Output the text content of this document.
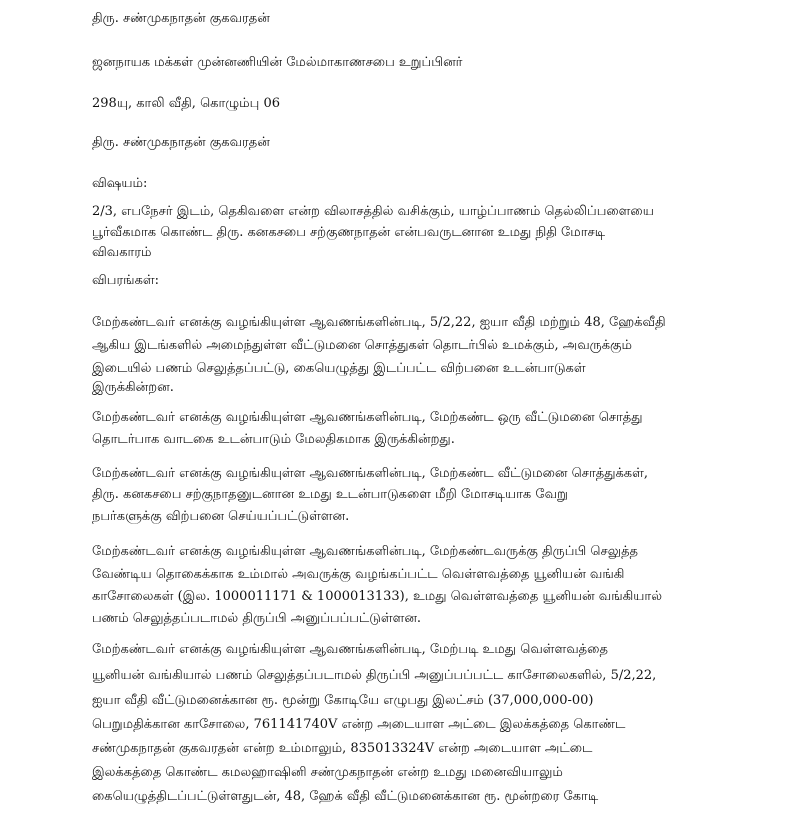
திரு. சண்முகநாதன் குகவரதன்
ஜனநாயக மக்கள் முன்னணியின் மேல்மாகாணசபை உறுப்பினர்
298யு, காலி வீதி, கொழும்பு 06
திரு. சண்முகநாதன் குகவரதன்
விஷயம்:
2/3, எபநேசர் இடம், தெகிவளை என்ற விலாசத்தில் வசிக்கும், யாழ்ப்பாணம் தெல்லிப்பளையை
பூர்வீகமாக கொண்ட திரு. கனகசபை சற்குணநாதன் என்பவருடனான உமது நிதி மோசடி
விவகாரம்
விபரங்கள்:
மேற்கண்டவர் எனக்கு வழங்கியுள்ள ஆவணங்களின்படி, 5/2,22, ஐயா வீதி மற்றும் 48, ஹேக்வீதி
ஆகிய இடங்களில் அமைந்துள்ள வீட்டுமனை சொத்துகள் தொடர்பில் உமக்கும், அவருக்கும்
இடையில் பணம் செலுத்தப்பட்டு, கையெழுத்து இடப்பட்ட விற்பனை உடன்பாடுகள்
இருக்கின்றன.
மேற்கண்டவர் எனக்கு வழங்கியுள்ள ஆவணங்களின்படி, மேற்கண்ட ஒரு வீட்டுமனை சொத்து
தொடர்பாக வாடகை உடன்பாடும் மேலதிகமாக இருக்கின்றது.
மேற்கண்டவர் எனக்கு வழங்கியுள்ள ஆவணங்களின்படி, மேற்கண்ட வீட்டுமனை சொத்துக்கள்,
திரு. கனகசபை சற்குநாதனுடனான உமது உடன்பாடுகளை மீறி மோசடியாக வேறு
நபர்களுக்கு விற்பனை செய்யப்பட்டுள்ளன.
மேற்கண்டவர் எனக்கு வழங்கியுள்ள ஆவணங்களின்படி, மேற்கண்டவருக்கு திருப்பி செலுத்த
வேண்டிய தொகைக்காக உம்மால் அவருக்கு வழங்கப்பட்ட வெள்ளவத்தை யூனியன் வங்கி
காசோலைகள் (இல. 1000011171 & 1000013133), உமது வெள்ளவத்தை யூனியன் வங்கியால்
பணம் செலுத்தப்படாமல் திருப்பி அனுப்பப்பட்டுள்ளன.
மேற்கண்டவர் எனக்கு வழங்கியுள்ள ஆவணங்களின்படி, மேற்படி உமது வெள்ளவத்தை
யூனியன் வங்கியால் பணம் செலுத்தப்படாமல் திருப்பி அனுப்பப்பட்ட காசோலைகளில், 5/2,22,
ஐயா வீதி வீட்டுமனைக்கான ரூ. மூன்று கோடியே எழுபது இலட்சம் (37,000,000-00)
பெறுமதிக்கான காசோலை, 761141740V என்ற அடையாள அட்டை இலக்கத்தை கொண்ட
சண்முகநாதன் குகவரதன் என்ற உம்மாலும், 835013324V என்ற அடையாள அட்டை
இலக்கத்தை கொண்ட கமலஹாஷினி சண்முகநாதன் என்ற உமது மனைவியாலும்
கையெழுத்திடப்பட்டுள்ளதுடன், 48, ஹேக் வீதி வீட்டுமனைக்கான ரூ. மூன்றரை கோடி
